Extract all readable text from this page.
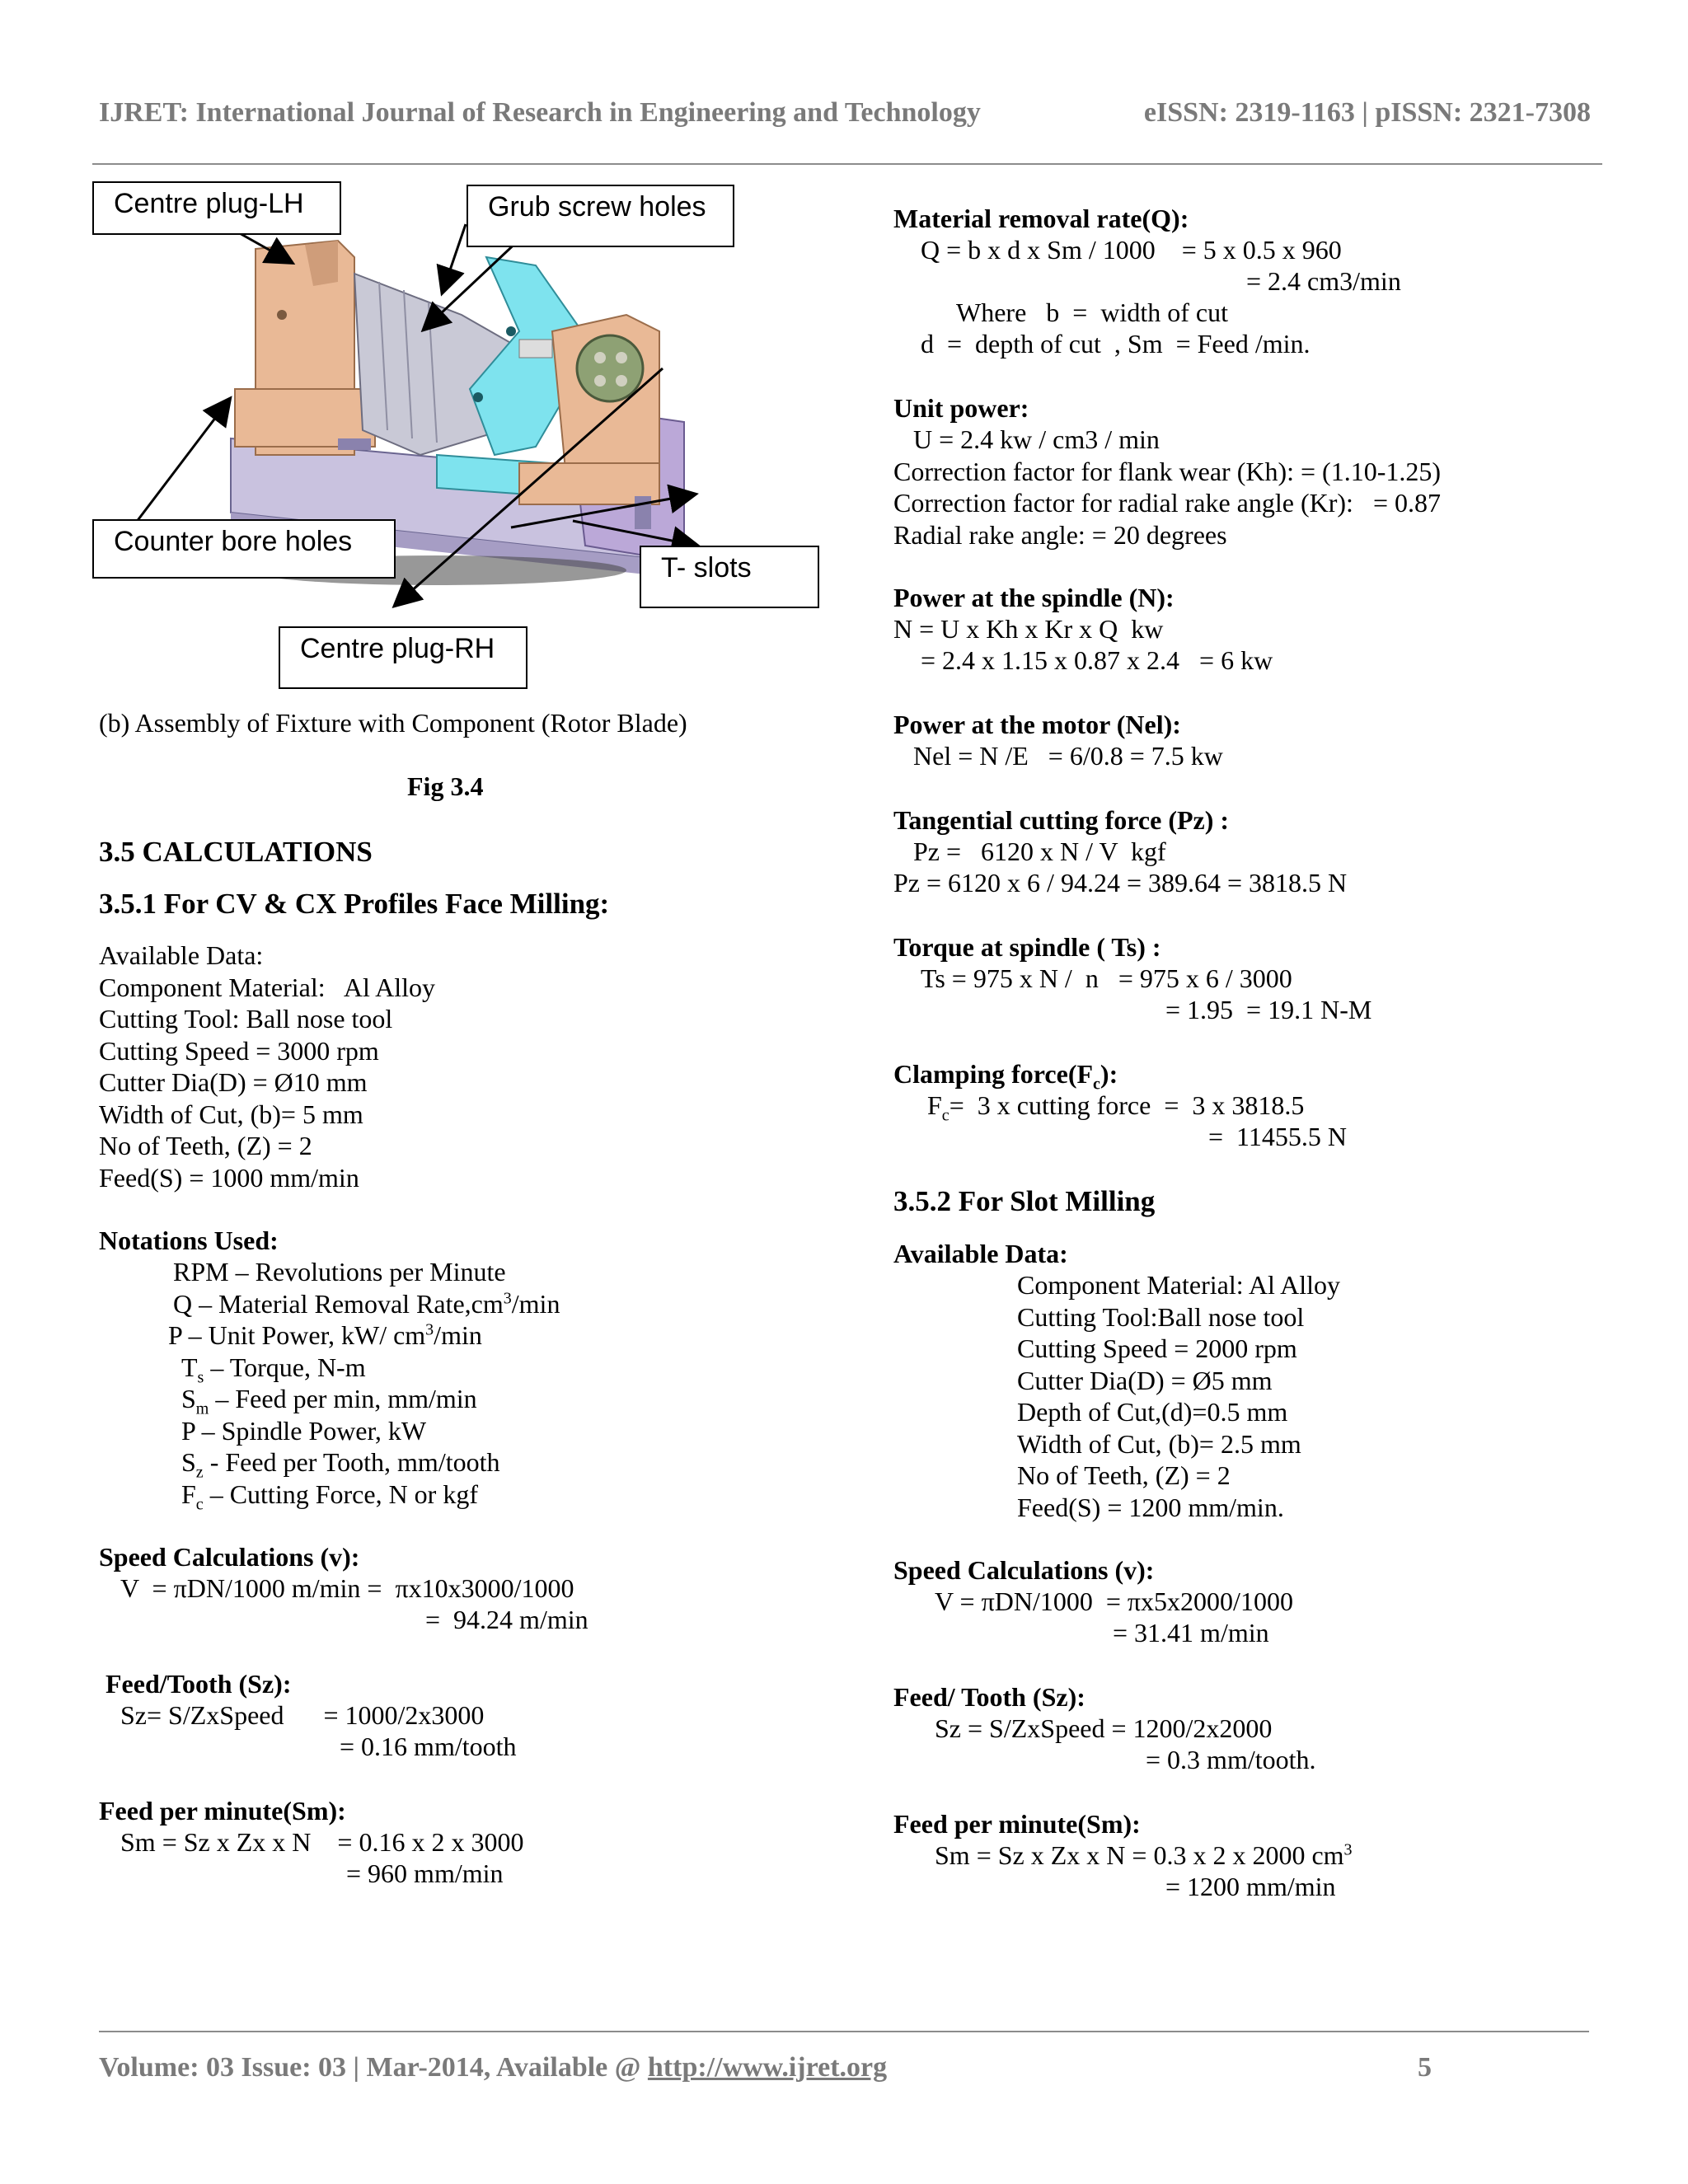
IJRET: International Journal of Research in Engineering and Technology	eISSN: 2319-1163 | pISSN: 2321-7308
Centre plug-LH	Grub screw holes
Counter bore holes
T- slots
Centre plug-RH
(b) Assembly of Fixture with Component (Rotor Blade)
Fig 3.4
3.5 CALCULATIONS
3.5.1 For CV & CX Profiles Face Milling:
Available Data:
Component Material:   Al Alloy
Cutting Tool: Ball nose tool
Cutting Speed = 3000 rpm
Cutter Dia(D) = Ø10 mm
Width of Cut, (b)= 5 mm
No of Teeth, (Z) = 2
Feed(S) = 1000 mm/min
Notations Used:
RPM – Revolutions per Minute
Q – Material Removal $Rate,cm^3/\min$
P – Unit Power, kW/ $cm^3/\min$
$T_s$ – Torque, N-m
$S_m$ – Feed per min, mm/min
P – Spindle Power, kW
$S_z$ - Feed per Tooth, mm/tooth
$F_c$ – Cutting Force, N or kgf
Speed Calculations (v):
V  = πDN/1000 m/min =  πx10x3000/1000
=  94.24 m/min
Feed/Tooth (Sz):
Sz= S/ZxSpeed      = 1000/2x3000
= 0.16 mm/tooth
Feed per minute(Sm):
Sm = Sz x Zx x N    = 0.16 x 2 x 3000
= 960 mm/min
Material removal rate(Q):
Q = b x d x Sm / 1000    = 5 x 0.5 x 960
= 2.4 cm3/min
Where   b  =  width of cut
d  =  depth of cut  , Sm  = Feed /min.
Unit power:
U = 2.4 kw / cm3 / min
Correction factor for flank wear (Kh): = (1.10-1.25)
Correction factor for radial rake angle (Kr):   = 0.87
Radial rake angle: = 20 degrees
Power at the spindle (N):
N = U x Kh x Kr x Q  kw
= 2.4 x 1.15 x 0.87 x 2.4   = 6 kw
Power at the motor (Nel):
Nel = N /E   = 6/0.8 = 7.5 kw
Tangential cutting force (Pz) :
Pz =   6120 x N / V  kgf
Pz = 6120 x 6 / 94.24 = 389.64 = 3818.5 N
Torque at spindle ( Ts) :
Ts = 975 x N /  n   = 975 x 6 / 3000
= 1.95  = 19.1 N-M
Clamping $force(F_c)$:
$F_c= 3$ x cutting force  =  3 x 3818.5
=  11455.5 N
3.5.2 For Slot Milling
Available Data:
Component Material: Al Alloy
Cutting Tool:Ball nose tool
Cutting Speed = 2000 rpm
Cutter Dia(D) = Ø5 mm
Depth of Cut,(d)=0.5 mm
Width of Cut, (b)= 2.5 mm
No of Teeth, (Z) = 2
Feed(S) = 1200 mm/min.
Speed Calculations (v):
V = πDN/1000  = πx5x2000/1000
= 31.41 m/min
Feed/ Tooth (Sz):
Sz = S/ZxSpeed = 1200/2x2000
= 0.3 mm/tooth.
Feed per minute(Sm):
Sm = Sz x Zx x N = 0.3 x 2 x 2000 $cm^3$
= 1200 mm/min
Volume: 03 Issue: 03 | Mar-2014, Available @ http://www.ijret.org	5
